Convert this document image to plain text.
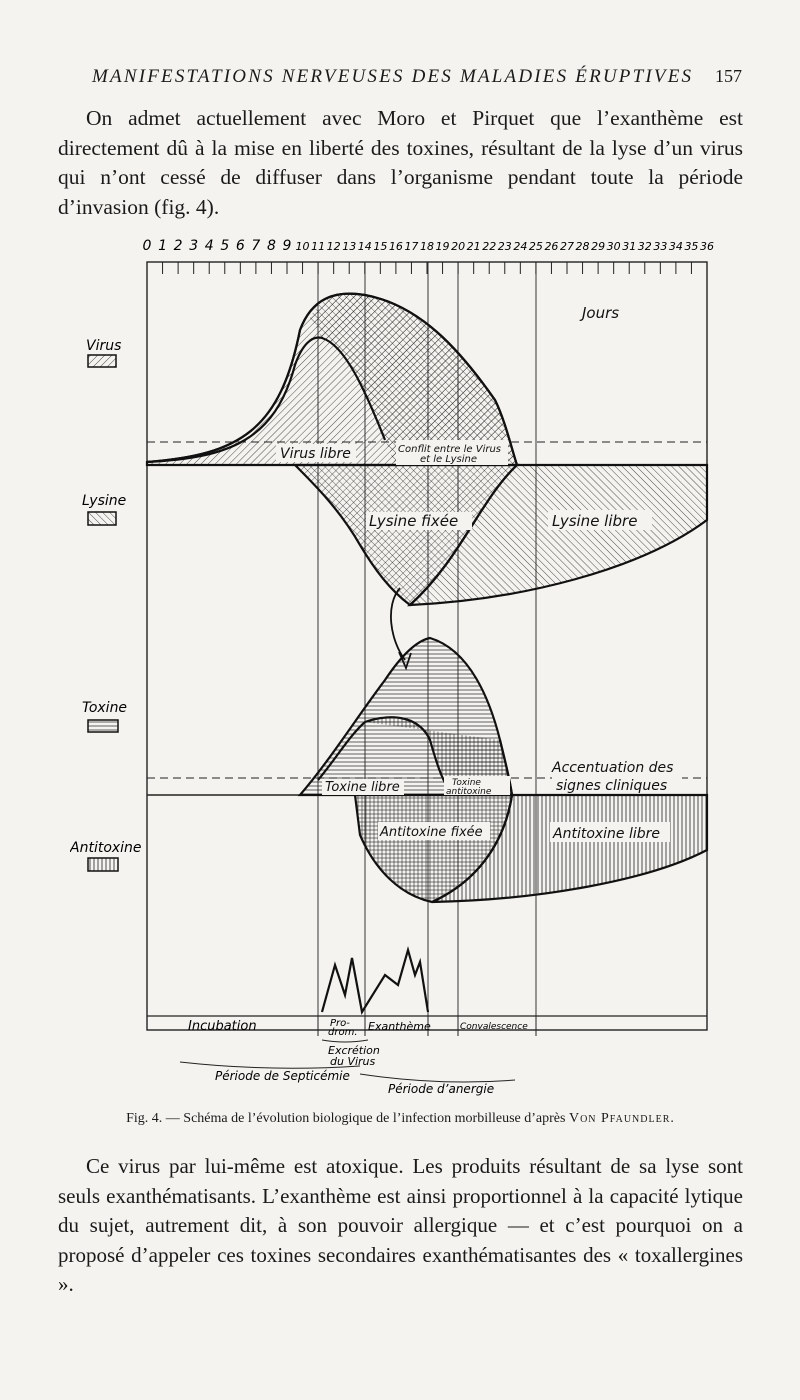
MANIFESTATIONS NERVEUSES DES MALADIES ÉRUPTIVES 157

On admet actuellement avec Moro et Pirquet que l’exanthème est directement dû à la mise en liberté des toxines, résultant de la lyse d’un virus qui n’ont cessé de diffuser dans l’organisme pendant toute la période d’invasion (fig. 4).

0 1 2 3 4 5 6 7 8 9 10 11 12 13 14 15 16 17 18 19 20 21 22 23 24 25 26 27 28 29 30 31 32 33 34 35 36
Virus
Lysine
Toxine
Antitoxine
Jours
Virus libre	Conflit entre le Virus
et le Lysine
Lysine fixée	Lysine libre
Accentuation des
signes cliniques
Toxine libre	Toxine
antitoxine
Antitoxine fixée	Antitoxine libre
Incubation	Pro-
drom. Exanthème	Convalescence
Excrétion
du Virus
Période de Septicémie
Période d’anergie
Fig. 4. — Schéma de l’évolution biologique de l’infection morbilleuse d’après Von Pfaundler.

Ce virus par lui-même est atoxique. Les produits résultant de sa lyse sont seuls exanthématisants. L’exanthème est ainsi proportionnel à la capacité lytique du sujet, autrement dit, à son pouvoir allergique — et c’est pourquoi on a proposé d’appeler ces toxines secondaires exanthématisantes des « toxallergines ».
